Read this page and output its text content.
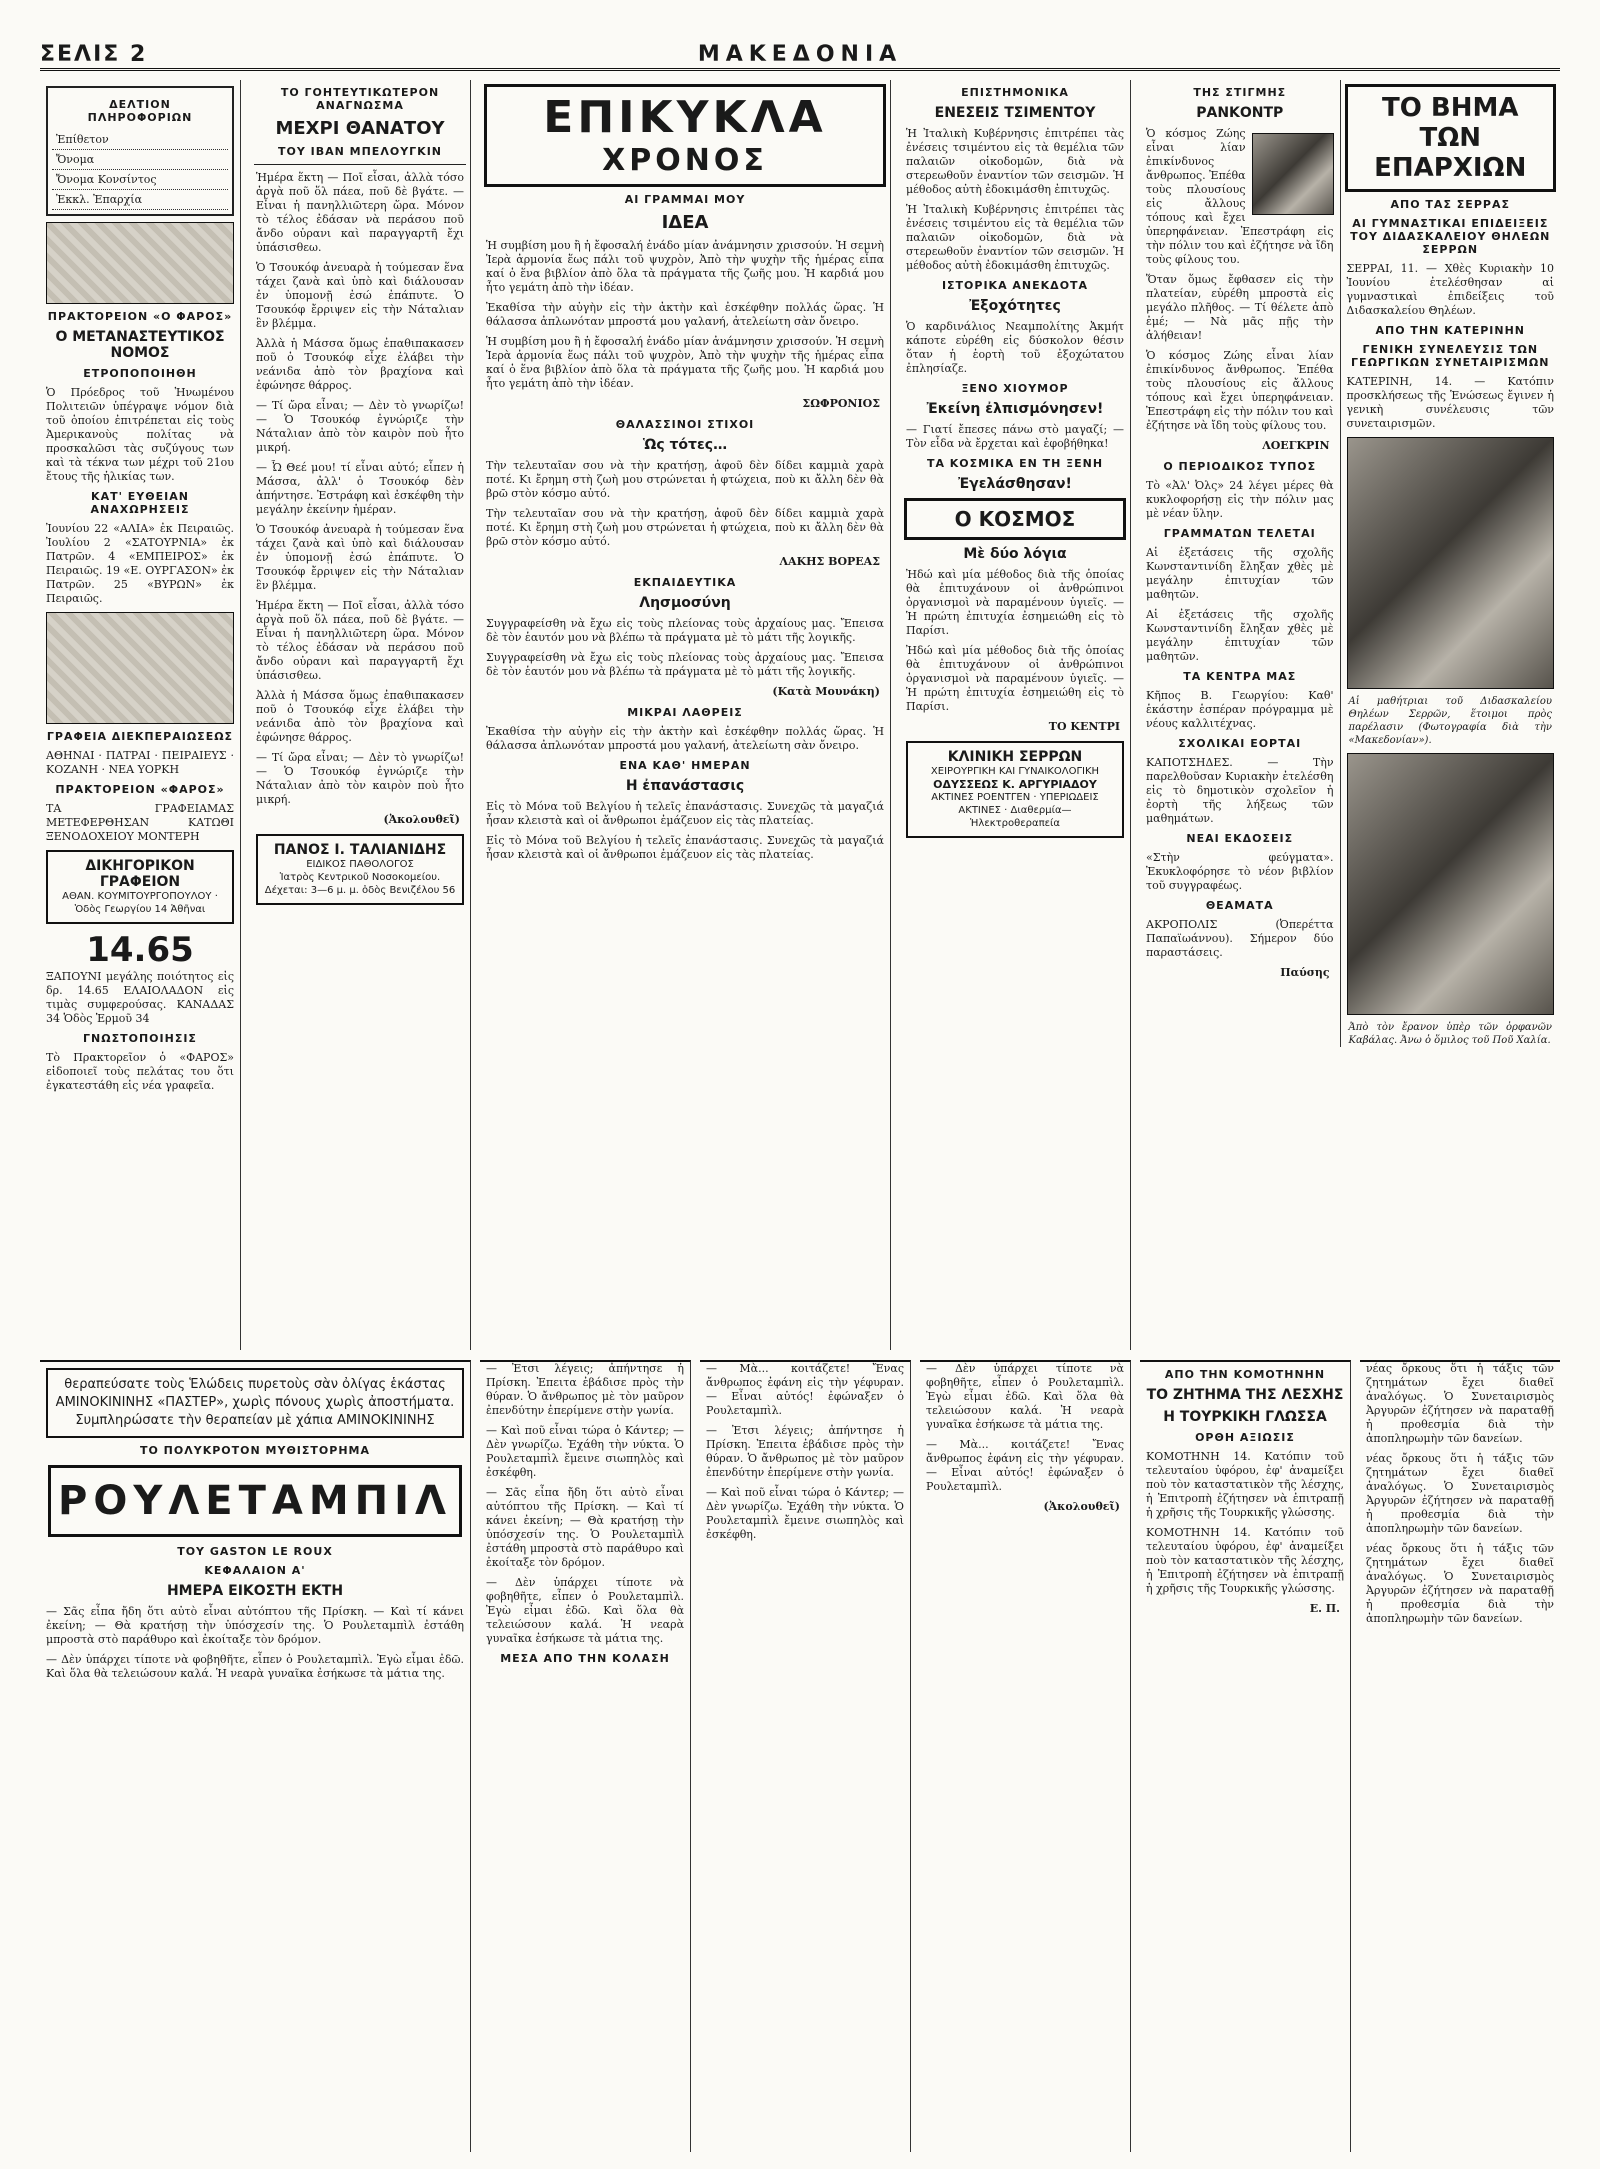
ΣΕΛΙΣ 2	ΜΑΚΕΔΟΝΙΑ
ΔΕΛΤΙΟΝ ΠΛΗΡΟΦΟΡΙΩΝ
Ἐπίθετον
Ὄνομα
Ὄνομα Κονσίντος
Ἐκκλ. Ἐπαρχία
ΠΡΑΚΤΟΡΕΙΟΝ «Ο ΦΑΡΟΣ»
Ο ΜΕΤΑΝΑΣΤΕΥΤΙΚΟΣ ΝΟΜΟΣ
ΕΤΡΟΠΟΠΟΙΗΘΗ

Ὁ Πρόεδρος τοῦ Ἡνωμένου Πολιτειῶν ὑπέγραψε νόμον διὰ τοῦ ὁποίου ἐπιτρέπεται εἰς τοὺς Ἀμερικανοὺς πολίτας νὰ προσκαλῶσι τὰς συζύγους των καὶ τὰ τέκνα των μέχρι τοῦ 21ου ἔτους τῆς ἡλικίας των.

ΚΑΤ' ΕΥΘΕΙΑΝ ΑΝΑΧΩΡΗΣΕΙΣ

Ἰουνίου 22 «ΑΛΙΑ» ἐκ Πειραιῶς. Ἰουλίου 2 «ΣΑΤΟΥΡΝΙΑ» ἐκ Πατρῶν. 4 «ΕΜΠΕΙΡΟΣ» ἐκ Πειραιῶς. 19 «Ε. ΟΥΡΓΑΣΟΝ» ἐκ Πατρῶν. 25 «ΒΥΡΩΝ» ἐκ Πειραιῶς.

ΓΡΑΦΕΙΑ ΔΙΕΚΠΕΡΑΙΩΣΕΩΣ

ΑΘΗΝΑΙ · ΠΑΤΡΑΙ · ΠΕΙΡΑΙΕΥΣ · ΚΟΖΑΝΗ · ΝΕΑ ΥΟΡΚΗ

ΠΡΑΚΤΟΡΕΙΟΝ «ΦΑΡΟΣ»

ΤΑ ΓΡΑΦΕΙΑΜΑΣ ΜΕΤΕΦΕΡΘΗΣΑΝ ΚΑΤΩΘΙ ΞΕΝΟΔΟΧΕΙΟΥ ΜΟΝΤΕΡΗ

ΔΙΚΗΓΟΡΙΚΟΝ ΓΡΑΦΕΙΟΝ
ΑΘΑΝ. ΚΟΥΜΙΤΟΥΡΓΟΠΟΥΛΟΥ · Ὁδὸς Γεωργίου 14 Ἀθῆναι
14.65

ΞΑΠΟΥΝΙ μεγάλης ποιότητος εἰς δρ. 14.65 ΕΛΑΙΟΛΑΔΟΝ εἰς τιμὰς συμφερούσας. ΚΑΝΑΔΑΣ 34 Ὁδὸς Ἑρμοῦ 34

ΓΝΩΣΤΟΠΟΙΗΣΙΣ

Τὸ Πρακτορεῖον ὁ «ΦΑΡΟΣ» εἰδοποιεῖ τοὺς πελάτας του ὅτι ἐγκατεστάθη εἰς νέα γραφεῖα.

ΤΟ ΓΟΗΤΕΥΤΙΚΩΤΕΡΟΝ ΑΝΑΓΝΩΣΜΑ
ΜΕΧΡΙ ΘΑΝΑΤΟΥ
ΤΟΥ ΙΒΑΝ ΜΠΕΛΟΥΓΚΙΝ

Ἡμέρα ἕκτη — Ποῖ εἶσαι, ἀλλὰ τόσο ἀργὰ ποῦ ὅλ πάεα, ποῦ δὲ βγάτε. — Εἶναι ἡ πανηλλιῶτερη ὥρα. Μόνον τὸ τέλος ἐδάσαν νὰ περάσου ποῦ ἄνδο οὐρανι καὶ παραγγαρτῆ ἔχι ὑπάσισθεω.

Ὁ Τσουκόφ ἀνευαρὰ ἡ τούμεσαν ἕνα τάχει ζανὰ καὶ ὑπὸ καὶ διάλουσαν ἐν ὑπομονῇ ἐσώ ἐπάπυτε. Ὁ Τσουκόφ ἔρριψεν εἰς τὴν Νάταλιαν ἓν βλέμμα.

Ἀλλὰ ἡ Μάσσα ὅμως ἐπαθιπακασεν ποῦ ὁ Τσουκόφ εἶχε ἐλάβει τὴν νεάνιδα ἀπὸ τὸν βραχίονα καὶ ἐφώνησε θάρρος.

— Τί ὤρα εἶναι; — Δὲν τὸ γνωρίζω! — Ὁ Τσουκόφ ἐγνώριζε τὴν Νάταλιαν ἀπὸ τὸν καιρὸν ποὺ ἦτο μικρή.

— Ὦ Θεέ μου! τί εἶναι αὐτό; εἶπεν ἡ Μάσσα, ἀλλ' ὁ Τσουκόφ δὲν ἀπήντησε. Ἐστράφη καὶ ἐσκέφθη τὴν μεγάλην ἐκείνην ἡμέραν.

Ὁ Τσουκόφ ἀνευαρὰ ἡ τούμεσαν ἕνα τάχει ζανὰ καὶ ὑπὸ καὶ διάλουσαν ἐν ὑπομονῇ ἐσώ ἐπάπυτε. Ὁ Τσουκόφ ἔρριψεν εἰς τὴν Νάταλιαν ἓν βλέμμα.

Ἡμέρα ἕκτη — Ποῖ εἶσαι, ἀλλὰ τόσο ἀργὰ ποῦ ὅλ πάεα, ποῦ δὲ βγάτε. — Εἶναι ἡ πανηλλιῶτερη ὥρα. Μόνον τὸ τέλος ἐδάσαν νὰ περάσου ποῦ ἄνδο οὐρανι καὶ παραγγαρτῆ ἔχι ὑπάσισθεω.

Ἀλλὰ ἡ Μάσσα ὅμως ἐπαθιπακασεν ποῦ ὁ Τσουκόφ εἶχε ἐλάβει τὴν νεάνιδα ἀπὸ τὸν βραχίονα καὶ ἐφώνησε θάρρος.

— Τί ὤρα εἶναι; — Δὲν τὸ γνωρίζω! — Ὁ Τσουκόφ ἐγνώριζε τὴν Νάταλιαν ἀπὸ τὸν καιρὸν ποὺ ἦτο μικρή.

(Ἀκολουθεῖ)
ΠΑΝΟΣ Ι. ΤΑΛΙΑΝΙΔΗΣ
ΕΙΔΙΚΟΣ ΠΑΘΟΛΟΓΟΣ
Ἰατρὸς Κεντρικοῦ Νοσοκομείου. Δέχεται: 3—6 μ. μ. ὁδὸς Βενιζέλου 56
ΕΠΙΚΥΚΛΑ
ΧΡΟΝΟΣ
ΑΙ ΓΡΑΜΜΑΙ ΜΟΥ
ΙΔΕΑ

Ἡ συμβίση μου ἢ ἡ ἔφοσαλή ἐνάδο μίαν ἀνάμνησιν χρισσούν. Ἡ σεμνὴ Ἱερὰ ἀρμονία ἕως πάλι τοῦ ψυχρὸν, Ἀπὸ τὴν ψυχὴν τῆς ἡμέρας εἶπα καί ὁ ἕνα βιβλίον ἀπὸ ὅλα τὰ πράγματα τῆς ζωῆς μου. Ἡ καρδιά μου ἦτο γεμάτη ἀπὸ τὴν ἰδέαν.

Ἐκαθίσα τὴν αὐγὴν εἰς τὴν ἀκτὴν καὶ ἐσκέφθην πολλάς ὥρας. Ἡ θάλασσα ἀπλωνόταν μπροστά μου γαλανή, ἀτελείωτη σὰν ὄνειρο.

Ἡ συμβίση μου ἢ ἡ ἔφοσαλή ἐνάδο μίαν ἀνάμνησιν χρισσούν. Ἡ σεμνὴ Ἱερὰ ἀρμονία ἕως πάλι τοῦ ψυχρὸν, Ἀπὸ τὴν ψυχὴν τῆς ἡμέρας εἶπα καί ὁ ἕνα βιβλίον ἀπὸ ὅλα τὰ πράγματα τῆς ζωῆς μου. Ἡ καρδιά μου ἦτο γεμάτη ἀπὸ τὴν ἰδέαν.

ΣΩΦΡΟΝΙΟΣ
ΘΑΛΑΣΣΙΝΟΙ ΣΤΙΧΟΙ
Ὡς τότες…

Τὴν τελευταῖαν σου νὰ τὴν κρατήσῃ, ἀφοῦ δὲν δίδει καμμιὰ χαρὰ ποτέ. Κι ἔρημη στὴ ζωὴ μου στρώνεται ἡ φτώχεια, ποὺ κι ἄλλη δὲν θὰ βρῶ στὸν κόσμο αὐτό.

Τὴν τελευταῖαν σου νὰ τὴν κρατήσῃ, ἀφοῦ δὲν δίδει καμμιὰ χαρὰ ποτέ. Κι ἔρημη στὴ ζωὴ μου στρώνεται ἡ φτώχεια, ποὺ κι ἄλλη δὲν θὰ βρῶ στὸν κόσμο αὐτό.

ΛΑΚΗΣ ΒΟΡΕΑΣ
ΕΚΠΑΙΔΕΥΤΙΚΑ
Λησμοσύνη

Συγγραφείσθη νὰ ἔχω εἰς τοὺς πλείονας τοὺς ἀρχαίους μας. Ἔπεισα δὲ τὸν ἑαυτόν μου νὰ βλέπω τὰ πράγματα μὲ τὸ μάτι τῆς λογικῆς.

Συγγραφείσθη νὰ ἔχω εἰς τοὺς πλείονας τοὺς ἀρχαίους μας. Ἔπεισα δὲ τὸν ἑαυτόν μου νὰ βλέπω τὰ πράγματα μὲ τὸ μάτι τῆς λογικῆς.

(Κατὰ Μουνάκη)
ΜΙΚΡΑΙ ΛΑΘΡΕΙΣ

Ἐκαθίσα τὴν αὐγὴν εἰς τὴν ἀκτὴν καὶ ἐσκέφθην πολλάς ὥρας. Ἡ θάλασσα ἀπλωνόταν μπροστά μου γαλανή, ἀτελείωτη σὰν ὄνειρο.

ΕΝΑ ΚΑΘ' ΗΜΕΡΑΝ
Η ἐπανάστασις

Εἰς τὸ Μόνα τοῦ Βελγίου ἡ τελεῖς ἐπανάστασις. Συνεχῶς τὰ μαγαζιά ἦσαν κλειστὰ καὶ οἱ ἄνθρωποι ἐμάζευον εἰς τὰς πλατείας.

Εἰς τὸ Μόνα τοῦ Βελγίου ἡ τελεῖς ἐπανάστασις. Συνεχῶς τὰ μαγαζιά ἦσαν κλειστὰ καὶ οἱ ἄνθρωποι ἐμάζευον εἰς τὰς πλατείας.

ΕΠΙΣΤΗΜΟΝΙΚΑ
ΕΝΕΣΕΙΣ ΤΣΙΜΕΝΤΟΥ

Ἡ Ἰταλικὴ Κυβέρνησις ἐπιτρέπει τὰς ἐνέσεις τσιμέντου εἰς τὰ θεμέλια τῶν παλαιῶν οἰκοδομῶν, διὰ νὰ στερεωθοῦν ἐναντίον τῶν σεισμῶν. Ἡ μέθοδος αὐτὴ ἐδοκιμάσθη ἐπιτυχῶς.

Ἡ Ἰταλικὴ Κυβέρνησις ἐπιτρέπει τὰς ἐνέσεις τσιμέντου εἰς τὰ θεμέλια τῶν παλαιῶν οἰκοδομῶν, διὰ νὰ στερεωθοῦν ἐναντίον τῶν σεισμῶν. Ἡ μέθοδος αὐτὴ ἐδοκιμάσθη ἐπιτυχῶς.

ΙΣΤΟΡΙΚΑ ΑΝΕΚΔΟΤΑ
Ἐξοχότητες

Ὁ καρδινάλιος Νεαμπολίτης Ἀκμήτ κάποτε εὑρέθη εἰς δύσκολον θέσιν ὅταν ἡ ἑορτὴ τοῦ ἐξοχώτατου ἐπλησίαζε.

ΞΕΝΟ ΧΙΟΥΜΟΡ
Ἐκείνη ἐλπισμόνησεν!

— Γιατί ἔπεσες πάνω στὸ μαγαζί; — Τὸν εἶδα νὰ ἔρχεται καὶ ἐφοβήθηκα!

ΤΑ ΚΟΣΜΙΚΑ ΕΝ ΤΗ ΞΕΝΗ
Ἐγελάσθησαν!
Ο ΚΟΣΜΟΣ
Μὲ δύο λόγια

Ἠδώ καὶ μία μέθοδος διὰ τῆς ὁποίας θὰ ἐπιτυχάνουν οἱ ἀνθρώπινοι ὀργανισμοὶ νὰ παραμένουν ὑγιεῖς. — Ἡ πρώτη ἐπιτυχία ἐσημειώθη εἰς τὸ Παρίσι.

Ἠδώ καὶ μία μέθοδος διὰ τῆς ὁποίας θὰ ἐπιτυχάνουν οἱ ἀνθρώπινοι ὀργανισμοὶ νὰ παραμένουν ὑγιεῖς. — Ἡ πρώτη ἐπιτυχία ἐσημειώθη εἰς τὸ Παρίσι.

ΤΟ ΚΕΝΤΡΙ
ΚΛΙΝΙΚΗ ΣΕΡΡΩΝ
ΧΕΙΡΟΥΡΓΙΚΗ ΚΑΙ ΓΥΝΑΙΚΟΛΟΓΙΚΗ
ΟΔΥΣΣΕΩΣ Κ. ΑΡΓΥΡΙΑΔΟΥ
ΑΚΤΙΝΕΣ ΡΟΕΝΤΓΕΝ · ΥΠΕΡΙΩΔΕΙΣ ΑΚΤΙΝΕΣ · Διαθερμία—Ἠλεκτροθεραπεία
ΤΗΣ ΣΤΙΓΜΗΣ
ΡΑΝΚΟΝΤΡ

Ὁ κόσμος Ζώης εἶναι λίαν ἐπικίνδυνος ἄνθρωπος. Ἐπέθα τοὺς πλουσίους εἰς ἄλλους τόπους καὶ ἔχει ὑπερηφάνειαν. Ἐπεστράφη εἰς τὴν πόλιν του καὶ ἐζήτησε νὰ ἴδη τοὺς φίλους του.

Ὅταν ὅμως ἔφθασεν εἰς τὴν πλατείαν, εὑρέθη μπροστὰ εἰς μεγάλο πλῆθος. — Τί θέλετε ἀπὸ ἐμέ; — Νὰ μᾶς πῇς τὴν ἀλήθειαν!

Ὁ κόσμος Ζώης εἶναι λίαν ἐπικίνδυνος ἄνθρωπος. Ἐπέθα τοὺς πλουσίους εἰς ἄλλους τόπους καὶ ἔχει ὑπερηφάνειαν. Ἐπεστράφη εἰς τὴν πόλιν του καὶ ἐζήτησε νὰ ἴδη τοὺς φίλους του.

ΛΟΕΓΚΡΙΝ
Ο ΠΕΡΙΟΔΙΚΟΣ ΤΥΠΟΣ

Τὸ «Ἀλ' Ὀλς» 24 λέγει μέρες θὰ κυκλοφορήσῃ εἰς τὴν πόλιν μας μὲ νέαν ὕλην.

ΓΡΑΜΜΑΤΩΝ ΤΕΛΕΤΑΙ

Αἱ ἐξετάσεις τῆς σχολῆς Κωνσταντινίδη ἔληξαν χθὲς μὲ μεγάλην ἐπιτυχίαν τῶν μαθητῶν.

Αἱ ἐξετάσεις τῆς σχολῆς Κωνσταντινίδη ἔληξαν χθὲς μὲ μεγάλην ἐπιτυχίαν τῶν μαθητῶν.

ΤΑ ΚΕΝΤΡΑ ΜΑΣ

Κῆπος Β. Γεωργίου: Καθ' ἑκάστην ἑσπέραν πρόγραμμα μὲ νέους καλλιτέχνας.

ΣΧΟΛΙΚΑΙ ΕΟΡΤΑΙ

ΚΑΠΟΤΣΗΔΕΣ. — Τὴν παρελθοῦσαν Κυριακὴν ἐτελέσθη εἰς τὸ δημοτικὸν σχολεῖον ἡ ἐορτὴ τῆς λήξεως τῶν μαθημάτων.

ΝΕΑΙ ΕΚΔΟΣΕΙΣ

«Στὴν φεύγματα». Ἐκυκλοφόρησε τὸ νέον βιβλίον τοῦ συγγραφέως.

ΘΕΑΜΑΤΑ

ΑΚΡΟΠΟΛΙΣ (Ὀπερέττα Παπαϊωάννου). Σήμερον δύο παραστάσεις.

Παύσης
ΤΟ ΒΗΜΑ ΤΩΝ
ΕΠΑΡΧΙΩΝ
ΑΠΟ ΤΑΣ ΣΕΡΡΑΣ
ΑΙ ΓΥΜΝΑΣΤΙΚΑΙ ΕΠΙΔΕΙΞΕΙΣ ΤΟΥ ΔΙΔΑΣΚΑΛΕΙΟΥ ΘΗΛΕΩΝ ΣΕΡΡΩΝ

ΣΕΡΡΑΙ, 11. — Χθὲς Κυριακὴν 10 Ἰουνίου ἐτελέσθησαν αἱ γυμναστικαὶ ἐπιδείξεις τοῦ Διδασκαλείου Θηλέων.

ΑΠΟ ΤΗΝ ΚΑΤΕΡΙΝΗΝ
ΓΕΝΙΚΗ ΣΥΝΕΛΕΥΣΙΣ ΤΩΝ ΓΕΩΡΓΙΚΩΝ ΣΥΝΕΤΑΙΡΙΣΜΩΝ

ΚΑΤΕΡΙΝΗ, 14. — Κατόπιν προσκλήσεως τῆς Ἑνώσεως ἔγινεν ἡ γενικὴ συνέλευσις τῶν συνεταιρισμῶν.

Αἱ μαθήτριαι τοῦ Διδασκαλείου Θηλέων Σερρῶν, ἕτοιμοι πρὸς παρέλασιν (Φωτογραφία διὰ τὴν «Μακεδονίαν»).
Ἀπὸ τὸν ἔρανον ὑπὲρ τῶν ὀρφανῶν Καβάλας. Ἀνω ὁ ὅμιλος τοῦ Ποῦ Χαλία.
θεραπεύσατε τοὺς Ἑλώδεις πυρετοὺς σὰν ὀλίγας ἑκάστας ΑΜΙΝΟΚΙΝΙΝΗΣ «ΠΑΣΤΕΡ», χωρὶς πόνους χωρὶς ἀποστήματα. Συμπληρώσατε τὴν θεραπείαν μὲ χάπια ΑΜΙΝΟΚΙΝΙΝΗΣ
ΤΟ ΠΟΛΥΚΡΟΤΟΝ ΜΥΘΙΣΤΟΡΗΜΑ
ΡΟΥΛΕΤΑΜΠΙΛ
ΤΟΥ GASTON LE ROUX
ΚΕΦΑΛΑΙΟΝ Α'
ΗΜΕΡΑ ΕΙΚΟΣΤΗ ΕΚΤΗ

— Σᾶς εἶπα ἤδη ὅτι αὐτὸ εἶναι αὐτόπτου τῆς Πρίσκη. — Καὶ τί κάνει ἐκείνη; — Θὰ κρατήσῃ τὴν ὑπόσχεσίν της. Ὁ Ρουλεταμπὶλ ἐστάθη μπροστὰ στὸ παράθυρο καὶ ἐκοίταξε τὸν δρόμον.

— Δὲν ὑπάρχει τίποτε νὰ φοβηθῆτε, εἶπεν ὁ Ρουλεταμπὶλ. Ἐγὼ εἶμαι ἐδῶ. Καὶ ὅλα θὰ τελειώσουν καλά. Ἡ νεαρὰ γυναῖκα ἐσήκωσε τὰ μάτια της.

— Ἐτσι λέγεις; ἀπήντησε ἡ Πρίσκη. Ἐπειτα ἐβάδισε πρὸς τὴν θύραν. Ὁ ἄνθρωπος μὲ τὸν μαῦρον ἐπενδύτην ἐπερίμενε στὴν γωνία.

— Καὶ ποῦ εἶναι τώρα ὁ Κάντερ; — Δὲν γνωρίζω. Ἐχάθη τὴν νύκτα. Ὁ Ρουλεταμπὶλ ἔμεινε σιωπηλὸς καὶ ἐσκέφθη.

— Σᾶς εἶπα ἤδη ὅτι αὐτὸ εἶναι αὐτόπτου τῆς Πρίσκη. — Καὶ τί κάνει ἐκείνη; — Θὰ κρατήσῃ τὴν ὑπόσχεσίν της. Ὁ Ρουλεταμπὶλ ἐστάθη μπροστὰ στὸ παράθυρο καὶ ἐκοίταξε τὸν δρόμον.

— Δὲν ὑπάρχει τίποτε νὰ φοβηθῆτε, εἶπεν ὁ Ρουλεταμπὶλ. Ἐγὼ εἶμαι ἐδῶ. Καὶ ὅλα θὰ τελειώσουν καλά. Ἡ νεαρὰ γυναῖκα ἐσήκωσε τὰ μάτια της.

ΜΕΣΑ ΑΠΟ ΤΗΝ ΚΟΛΑΣΗ

— Μὰ... κοιτάζετε! Ἔνας ἄνθρωπος ἐφάνη εἰς τὴν γέφυραν. — Εἶναι αὐτός! ἐφώναξεν ὁ Ρουλεταμπὶλ.

— Ἐτσι λέγεις; ἀπήντησε ἡ Πρίσκη. Ἐπειτα ἐβάδισε πρὸς τὴν θύραν. Ὁ ἄνθρωπος μὲ τὸν μαῦρον ἐπενδύτην ἐπερίμενε στὴν γωνία.

— Καὶ ποῦ εἶναι τώρα ὁ Κάντερ; — Δὲν γνωρίζω. Ἐχάθη τὴν νύκτα. Ὁ Ρουλεταμπὶλ ἔμεινε σιωπηλὸς καὶ ἐσκέφθη.

— Δὲν ὑπάρχει τίποτε νὰ φοβηθῆτε, εἶπεν ὁ Ρουλεταμπὶλ. Ἐγὼ εἶμαι ἐδῶ. Καὶ ὅλα θὰ τελειώσουν καλά. Ἡ νεαρὰ γυναῖκα ἐσήκωσε τὰ μάτια της.

— Μὰ... κοιτάζετε! Ἔνας ἄνθρωπος ἐφάνη εἰς τὴν γέφυραν. — Εἶναι αὐτός! ἐφώναξεν ὁ Ρουλεταμπὶλ.

(Ἀκολουθεῖ)
ΑΠΟ ΤΗΝ ΚΟΜΟΤΗΝΗΝ
ΤΟ ΖΗΤΗΜΑ ΤΗΣ ΛΕΣΧΗΣ
Η ΤΟΥΡΚΙΚΗ ΓΛΩΣΣΑ
ΟΡΘΗ ΑΞΙΩΣΙΣ

ΚΟΜΟΤΗΝΗ 14. Κατόπιν τοῦ τελευταίου ὑφόρου, ἐφ' ἀναμείξει ποὺ τὸν καταστατικὸν τῆς λέσχης, ἡ Ἐπιτροπὴ ἐζήτησεν νὰ ἐπιτραπῇ ἡ χρῆσις τῆς Τουρκικῆς γλώσσης.

ΚΟΜΟΤΗΝΗ 14. Κατόπιν τοῦ τελευταίου ὑφόρου, ἐφ' ἀναμείξει ποὺ τὸν καταστατικὸν τῆς λέσχης, ἡ Ἐπιτροπὴ ἐζήτησεν νὰ ἐπιτραπῇ ἡ χρῆσις τῆς Τουρκικῆς γλώσσης.

Ε. Π.

νέας ὄρκους ὅτι ἡ τάξις τῶν ζητημάτων ἔχει διαθεῖ ἀναλόγως. Ὁ Συνεταιρισμὸς Ἀργυρῶν ἐζήτησεν νὰ παραταθῇ ἡ προθεσμία διὰ τὴν ἀποπληρωμὴν τῶν δανείων.

νέας ὄρκους ὅτι ἡ τάξις τῶν ζητημάτων ἔχει διαθεῖ ἀναλόγως. Ὁ Συνεταιρισμὸς Ἀργυρῶν ἐζήτησεν νὰ παραταθῇ ἡ προθεσμία διὰ τὴν ἀποπληρωμὴν τῶν δανείων.

νέας ὄρκους ὅτι ἡ τάξις τῶν ζητημάτων ἔχει διαθεῖ ἀναλόγως. Ὁ Συνεταιρισμὸς Ἀργυρῶν ἐζήτησεν νὰ παραταθῇ ἡ προθεσμία διὰ τὴν ἀποπληρωμὴν τῶν δανείων.
